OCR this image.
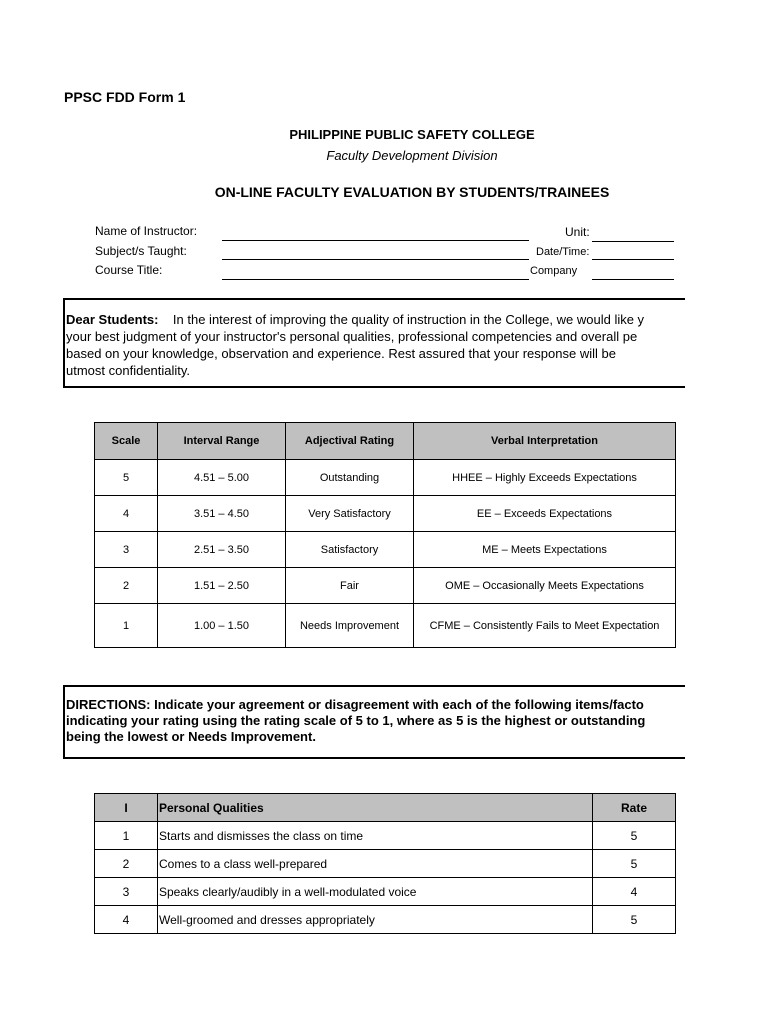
PPSC FDD Form 1
PHILIPPINE PUBLIC SAFETY COLLEGE
Faculty Development Division
ON-LINE FACULTY EVALUATION BY STUDENTS/TRAINEES
Name of Instructor:
Subject/s Taught:
Course Title:
Unit:
Date/Time:
Company

Dear Students: In the interest of improving the quality of instruction in the College, we would like y
your best judgment of your instructor's personal qualities, professional competencies and overall pe
based on your knowledge, observation and experience. Rest assured that your response will be
utmost confidentiality.

Scale	Interval Range	Adjectival Rating	Verbal Interpretation
5	4.51 – 5.00	Outstanding	HHEE – Highly Exceeds Expectations
4	3.51 – 4.50	Very Satisfactory	EE – Exceeds Expectations
3	2.51 – 3.50	Satisfactory	ME – Meets Expectations
2	1.51 – 2.50	Fair	OME – Occasionally Meets Expectations
1	1.00 – 1.50	Needs Improvement	CFME – Consistently Fails to Meet Expectation

DIRECTIONS: Indicate your agreement or disagreement with each of the following items/facto
indicating your rating using the rating scale of 5 to 1, where as 5 is the highest or outstanding
being the lowest or Needs Improvement.

I	Personal Qualities	Rate
1	Starts and dismisses the class on time	5
2	Comes to a class well-prepared	5
3	Speaks clearly/audibly in a well-modulated voice	4
4	Well-groomed and dresses appropriately	5
